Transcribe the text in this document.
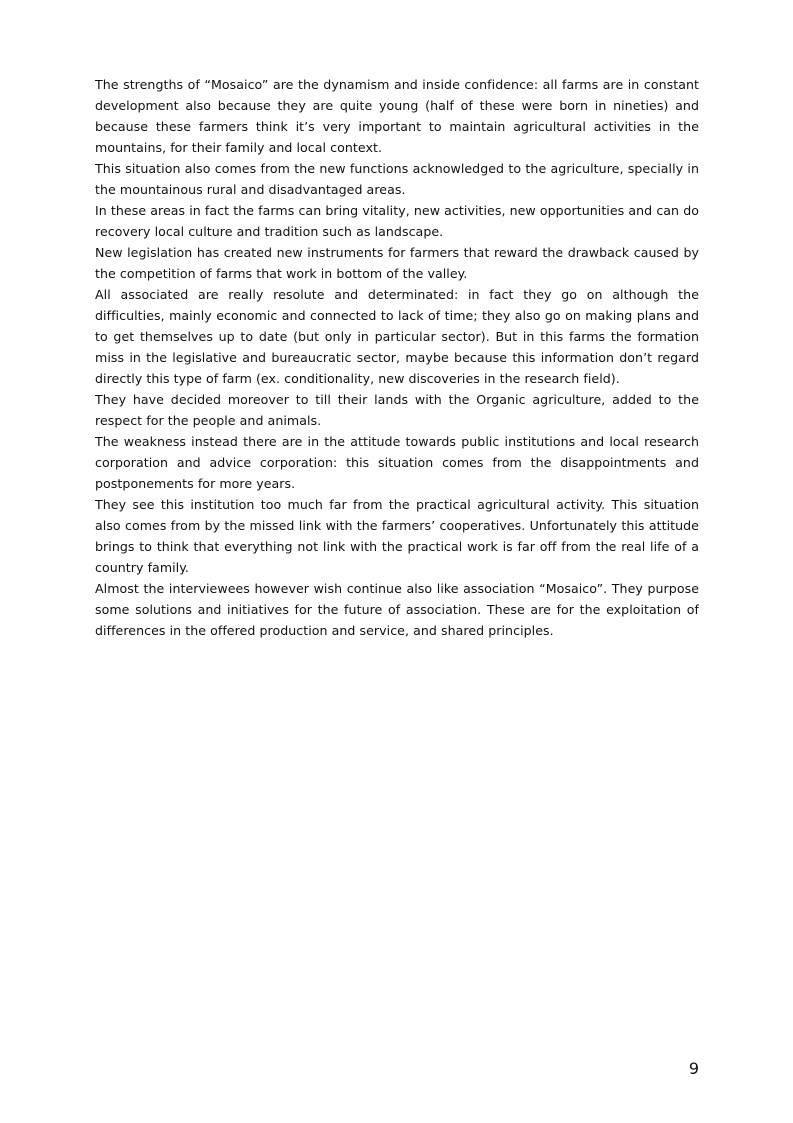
The strengths of “Mosaico” are the dynamism and inside confidence: all farms are in constant development also because they are quite young (half of these were born in nineties) and because these farmers think it’s very important to maintain agricultural activities in the mountains, for their family and local context.

This situation also comes from the new functions acknowledged to the agriculture, specially in the mountainous rural and disadvantaged areas.

In these areas in fact the farms can bring vitality, new activities, new opportunities and can do recovery local culture and tradition such as landscape.

New legislation has created new instruments for farmers that reward the drawback caused by the competition of farms that work in bottom of the valley.

All associated are really resolute and determinated: in fact they go on although the difficulties, mainly economic and connected to lack of time; they also go on making plans and to get themselves up to date (but only in particular sector). But in this farms the formation miss in the legislative and bureaucratic sector, maybe because this information don’t regard directly this type of farm (ex. conditionality, new discoveries in the research field).

They have decided moreover to till their lands with the Organic agriculture, added to the respect for the people and animals.

The weakness instead there are in the attitude towards public institutions and local research corporation and advice corporation: this situation comes from the disappointments and postponements for more years.

They see this institution too much far from the practical agricultural activity. This situation also comes from by the missed link with the farmers’ cooperatives. Unfortunately this attitude brings to think that everything not link with the practical work is far off from the real life of a country family.

Almost the interviewees however wish continue also like association “Mosaico”. They purpose some solutions and initiatives for the future of association. These are for the exploitation of differences in the offered production and service, and shared principles.

9
